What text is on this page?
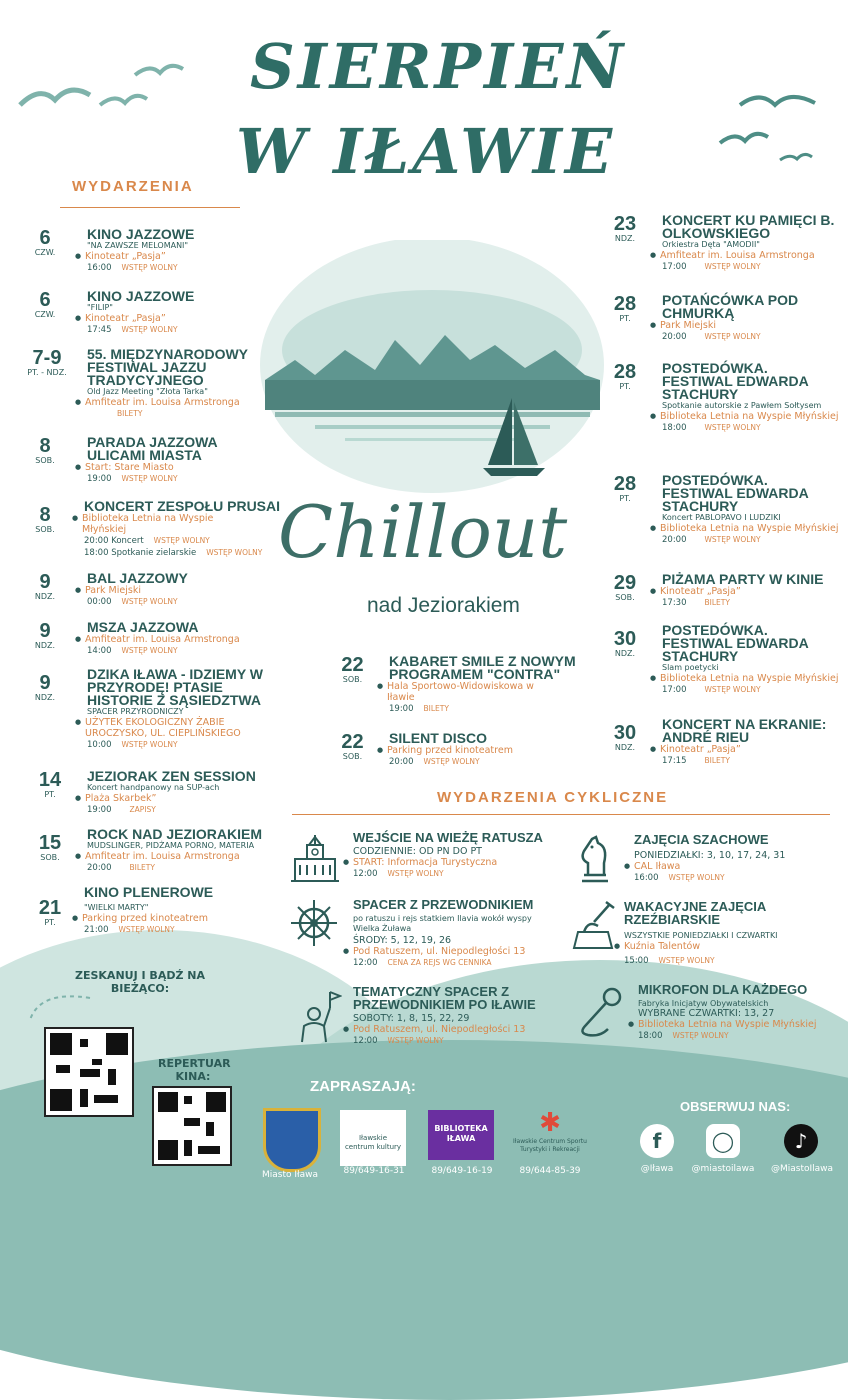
SIERPIEŃ
W IŁAWIE
WYDARZENIA
Chillout
nad Jeziorakiem
6
CZW.
KINO JAZZOWE
"NA ZAWSZE MELOMANI"
● Kinoteatr „Pasja”
16:00 WSTĘP WOLNY
6
CZW.
KINO JAZZOWE
"FILIP"
● Kinoteatr „Pasja”
17:45 WSTĘP WOLNY
7-9
PT. - NDZ.
55. MIĘDZYNARODOWY FESTIWAL JAZZU TRADYCYJNEGO
Old Jazz Meeting "Złota Tarka"
● Amfiteatr im. Louisa Armstronga
BILETY
8
SOB.
PARADA JAZZOWA ULICAMI MIASTA
● Start: Stare Miasto
19:00 WSTĘP WOLNY
8
SOB.
KONCERT ZESPOŁU PRUSAI
● Biblioteka Letnia na Wyspie Młyńskiej
20:00 Koncert WSTĘP WOLNY
18:00 Spotkanie zielarskie WSTĘP WOLNY
9
NDZ.
BAL JAZZOWY
● Park Miejski
00:00 WSTĘP WOLNY
9
NDZ.
MSZA JAZZOWA
● Amfiteatr im. Louisa Armstronga
14:00 WSTĘP WOLNY
9
NDZ.
DZIKA IŁAWA - IDZIEMY W PRZYRODĘ! PTASIE HISTORIE Z SĄSIEDZTWA
SPACER PRZYRODNICZY
● UŻYTEK EKOLOGICZNY ŻABIE UROCZYSKO, UL. CIEPLIŃSKIEGO
10:00 WSTĘP WOLNY
14
PT.
JEZIORAK ZEN SESSION
Koncert handpanowy na SUP-ach
● Plaża Skarbek”
19:00 ZAPISY
15
SOB.
ROCK NAD JEZIORAKIEM
MUDSLINGER, PIDŻAMA PORNO, MATERIA
● Amfiteatr im. Louisa Armstronga
20:00 BILETY
21
PT.
KINO PLENEROWE
"WIELKI MARTY"
● Parking przed kinoteatrem
21:00 WSTĘP WOLNY
22
SOB.
KABARET SMILE Z NOWYM PROGRAMEM "CONTRA"
● Hala Sportowo-Widowiskowa w Iławie
19:00 BILETY
22
SOB.
SILENT DISCO
● Parking przed kinoteatrem
20:00 WSTĘP WOLNY
23
NDZ.
KONCERT KU PAMIĘCI B. OLKOWSKIEGO
Orkiestra Dęta "AMODII"
● Amfiteatr im. Louisa Armstronga
17:00 WSTĘP WOLNY
28
PT.
POTAŃCÓWKA POD CHMURKĄ
● Park Miejski
20:00 WSTĘP WOLNY
28
PT.
POSTEDÓWKA. FESTIWAL EDWARDA STACHURY
Spotkanie autorskie z Pawłem Sołtysem
● Biblioteka Letnia na Wyspie Młyńskiej
18:00 WSTĘP WOLNY
28
PT.
POSTEDÓWKA. FESTIWAL EDWARDA STACHURY
Koncert PABLOPAVO I LUDZIKI
● Biblioteka Letnia na Wyspie Młyńskiej
20:00 WSTĘP WOLNY
29
SOB.
PIŻAMA PARTY W KINIE
● Kinoteatr „Pasja”
17:30 BILETY
30
NDZ.
POSTEDÓWKA. FESTIWAL EDWARDA STACHURY
Slam poetycki
● Biblioteka Letnia na Wyspie Młyńskiej
17:00 WSTĘP WOLNY
30
NDZ.
KONCERT NA EKRANIE: ANDRÉ RIEU
● Kinoteatr „Pasja”
17:15 BILETY
WYDARZENIA CYKLICZNE
WEJŚCIE NA WIEŻĘ RATUSZA
CODZIENNIE: OD PN DO PT
● START: Informacja Turystyczna
12:00 WSTĘP WOLNY
SPACER Z PRZEWODNIKIEM
po ratuszu i rejs statkiem Ilavia wokół wyspy Wielka Żuława
ŚRODY: 5, 12, 19, 26
● Pod Ratuszem, ul. Niepodległości 13
12:00 CENA ZA REJS WG CENNIKA
TEMATYCZNY SPACER Z PRZEWODNIKIEM PO IŁAWIE
SOBOTY: 1, 8, 15, 22, 29
● Pod Ratuszem, ul. Niepodległości 13
12:00 WSTĘP WOLNY
ZAJĘCIA SZACHOWE
PONIEDZIAŁKI: 3, 10, 17, 24, 31
● CAL Iława
16:00 WSTĘP WOLNY
WAKACYJNE ZAJĘCIA RZEŹBIARSKIE
WSZYSTKIE PONIEDZIAŁKI I CZWARTKI
● Kuźnia Talentów
15:00 WSTĘP WOLNY
MIKROFON DLA KAŻDEGO
Fabryka Inicjatyw Obywatelskich
WYBRANE CZWARTKI: 13, 27
● Biblioteka Letnia na Wyspie Młyńskiej
18:00 WSTĘP WOLNY
ZESKANUJ I BĄDŹ NA BIEŻĄCO:
REPERTUAR KINA:
ZAPRASZAJĄ:
Miasto Iława
Iławskie centrum kultury
89/649-16-31
BIBLIOTEKA IŁAWA
89/649-16-19
✱
Iławskie Centrum Sportu Turystyki i Rekreacji
89/644-85-39
OBSERWUJ NAS:
f
@Iława
◯
@miastoilawa
♪
@MiastoIlawa
